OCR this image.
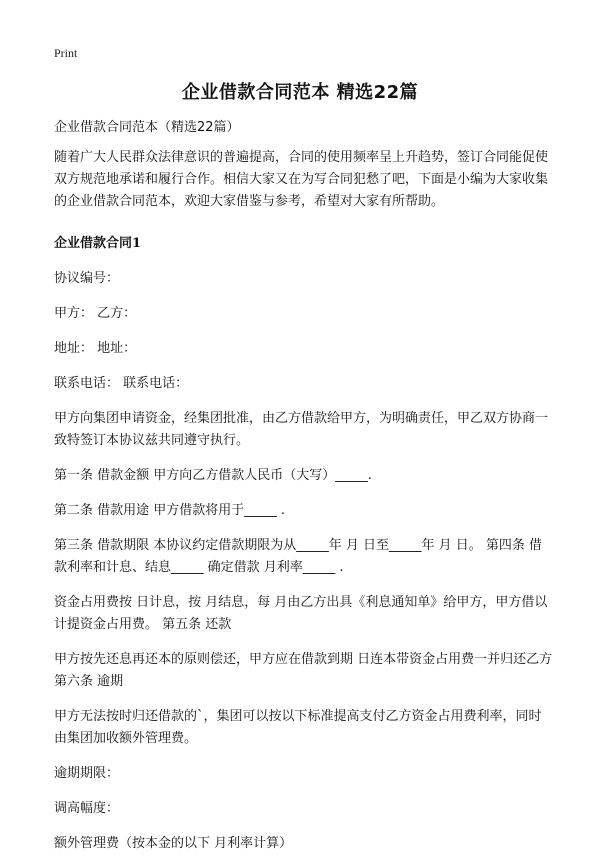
Print
企业借款合同范本 精选22篇

企业借款合同范本（精选22篇）

随着广大人民群众法律意识的普遍提高，合同的使用频率呈上升趋势，签订合同能促使双方规范地承诺和履行合作。相信大家又在为写合同犯愁了吧，下面是小编为大家收集的企业借款合同范本，欢迎大家借鉴与参考，希望对大家有所帮助。

企业借款合同1

协议编号：

甲方： 乙方：

地址： 地址：

联系电话： 联系电话：

甲方向集团申请资金，经集团批准，由乙方借款给甲方，为明确责任，甲乙双方协商一致特签订本协议兹共同遵守执行。

第一条 借款金额 甲方向乙方借款人民币（大写）_____.

第二条 借款用途 甲方借款将用于_____ .

第三条 借款期限 本协议约定借款期限为从_____年 月 日至_____年 月 日。 第四条 借款利率和计息、结息_____ 确定借款 月利率_____ .

资金占用费按 日计息，按 月结息，每 月由乙方出具《利息通知单》给甲方，甲方借以计提资金占用费。 第五条 还款

甲方按先还息再还本的原则偿还，甲方应在借款到期 日连本带资金占用费一并归还乙方 第六条 逾期

甲方无法按时归还借款的`，集团可以按以下标准提高支付乙方资金占用费利率，同时由集团加收额外管理费。

逾期期限：

调高幅度：

额外管理费（按本金的以下 月利率计算）
